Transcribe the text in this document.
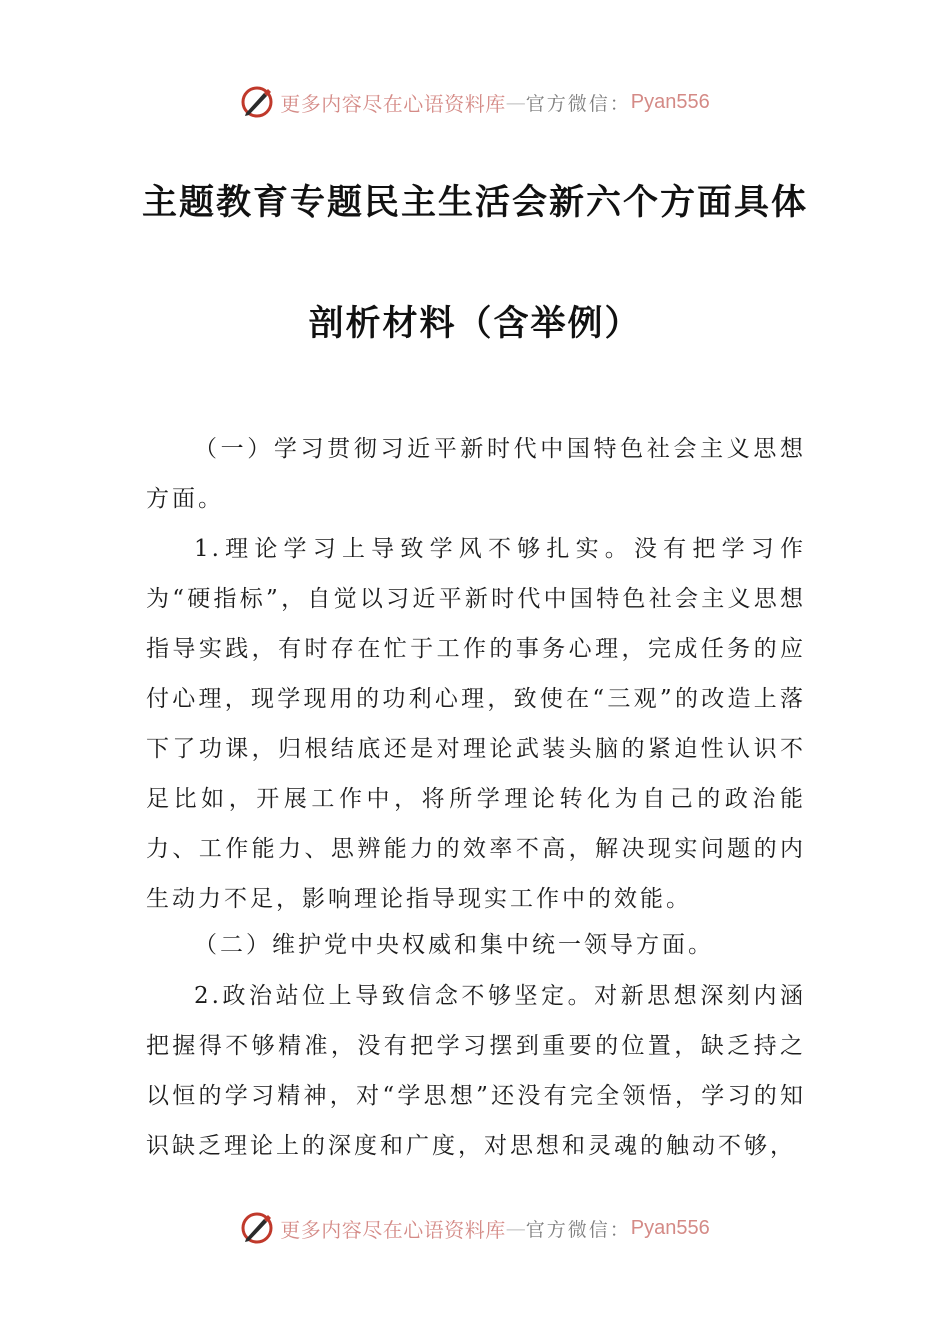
更多内容尽在心语资料库 — 官方微信： Pyan556
主题教育专题民主生活会新六个方面具体
剖析材料（含举例）

（一）学习贯彻习近平新时代中国特色社会主义思想方面。

1.理论学习上导致学风不够扎实。没有把学习作为“硬指标”，自觉以习近平新时代中国特色社会主义思想指导实践，有时存在忙于工作的事务心理，完成任务的应付心理，现学现用的功利心理，致使在“三观”的改造上落下了功课，归根结底还是对理论武装头脑的紧迫性认识不足比如，开展工作中，将所学理论转化为自己的政治能力、工作能力、思辨能力的效率不高，解决现实问题的内生动力不足，影响理论指导现实工作中的效能。

（二）维护党中央权威和集中统一领导方面。

2.政治站位上导致信念不够坚定。对新思想深刻内涵把握得不够精准，没有把学习摆到重要的位置，缺乏持之以恒的学习精神，对“学思想”还没有完全领悟，学习的知识缺乏理论上的深度和广度，对思想和灵魂的触动不够，

更多内容尽在心语资料库 — 官方微信： Pyan556
